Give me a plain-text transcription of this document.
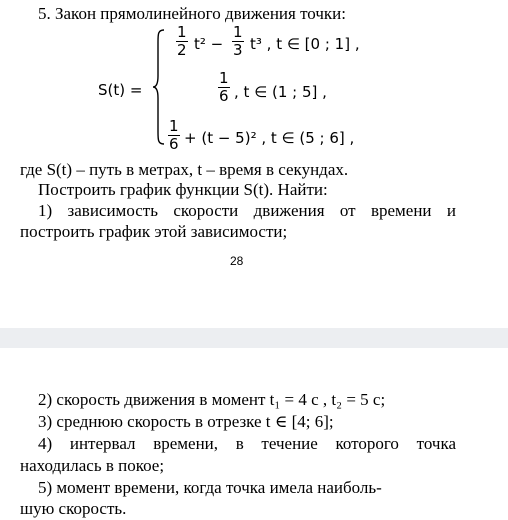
5. Закон прямолинейного движения точки:
S(t) =
$\frac{1}{2} t^2 - \frac{1}{3} t^3$ , t ∈ [0 ; 1] ,
$\frac{1}{6}$ , t ∈ (1 ; 5] ,
$\frac{1}{6} + (t - 5)^2$ , t ∈ (5 ; 6] ,
где S(t) – путь в метрах, t – время в секундах.
Построить график функции S(t). Найти:
1) зависимость скорости движения от времени и
построить график этой зависимости;
28
2) скорость движения в момент t₁ = 4 с , t₂ = 5 с;
3) среднюю скорость в отрезке t ∈ [4; 6];
4) интервал времени, в течение которого точка
находилась в покое;
5) момент времени, когда точка имела наиболь-
шую скорость.
